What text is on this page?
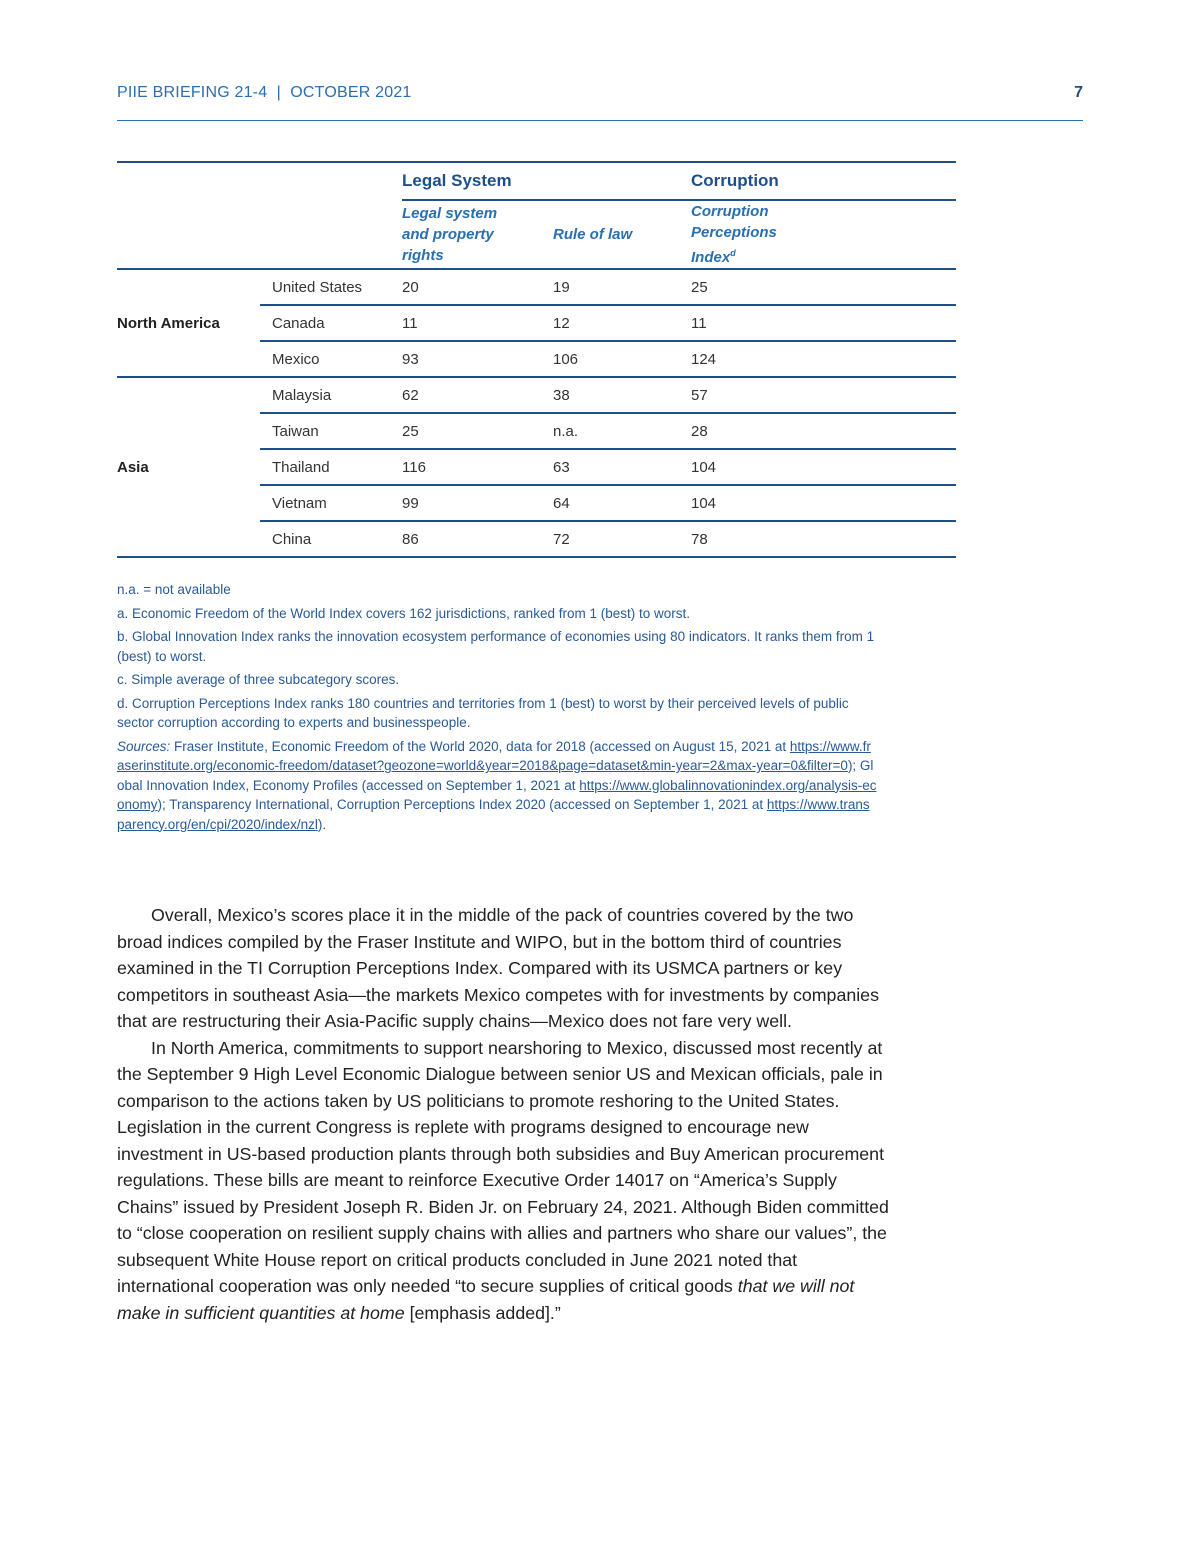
PIIE BRIEFING 21-4  |  OCTOBER 2021	7

		Legal System		Corruption

		Legal system and property rights	Rule of law	Corruption Perceptions Index$^d$

North America	United States	20	19	25
	Canada	11	12	11
	Mexico	93	106	124
Asia	Malaysia	62	38	57
	Taiwan	25	n.a.	28
	Thailand	116	63	104
	Vietnam	99	64	104
	China	86	72	78

n.a. = not available

a. Economic Freedom of the World Index covers 162 jurisdictions, ranked from 1 (best) to worst.

b. Global Innovation Index ranks the innovation ecosystem performance of economies using 80 indicators. It ranks them from 1 (best) to worst.

c. Simple average of three subcategory scores.

d. Corruption Perceptions Index ranks 180 countries and territories from 1 (best) to worst by their perceived levels of public sector corruption according to experts and businesspeople.

Sources: Fraser Institute, Economic Freedom of the World 2020, data for 2018 (accessed on August 15, 2021 at https://www.fraserinstitute.org/economic-freedom/dataset?geozone=world&year=2018&page=dataset&min-year=2&max-year=0&filter=0); Global Innovation Index, Economy Profiles (accessed on September 1, 2021 at https://www.globalinnovationindex.org/analysis-economy); Transparency International, Corruption Perceptions Index 2020 (accessed on September 1, 2021 at https://www.transparency.org/en/cpi/2020/index/nzl).

Overall, Mexico’s scores place it in the middle of the pack of countries covered by the two broad indices compiled by the Fraser Institute and WIPO, but in the bottom third of countries examined in the TI Corruption Perceptions Index. Compared with its USMCA partners or key competitors in southeast Asia—the markets Mexico competes with for investments by companies that are restructuring their Asia-Pacific supply chains—Mexico does not fare very well.

In North America, commitments to support nearshoring to Mexico, discussed most recently at the September 9 High Level Economic Dialogue between senior US and Mexican officials, pale in comparison to the actions taken by US politicians to promote reshoring to the United States. Legislation in the current Congress is replete with programs designed to encourage new investment in US-based production plants through both subsidies and Buy American procurement regulations. These bills are meant to reinforce Executive Order 14017 on “America’s Supply Chains” issued by President Joseph R. Biden Jr. on February 24, 2021. Although Biden committed to “close cooperation on resilient supply chains with allies and partners who share our values”, the subsequent White House report on critical products concluded in June 2021 noted that international cooperation was only needed “to secure supplies of critical goods that we will not make in sufficient quantities at home [emphasis added].”
